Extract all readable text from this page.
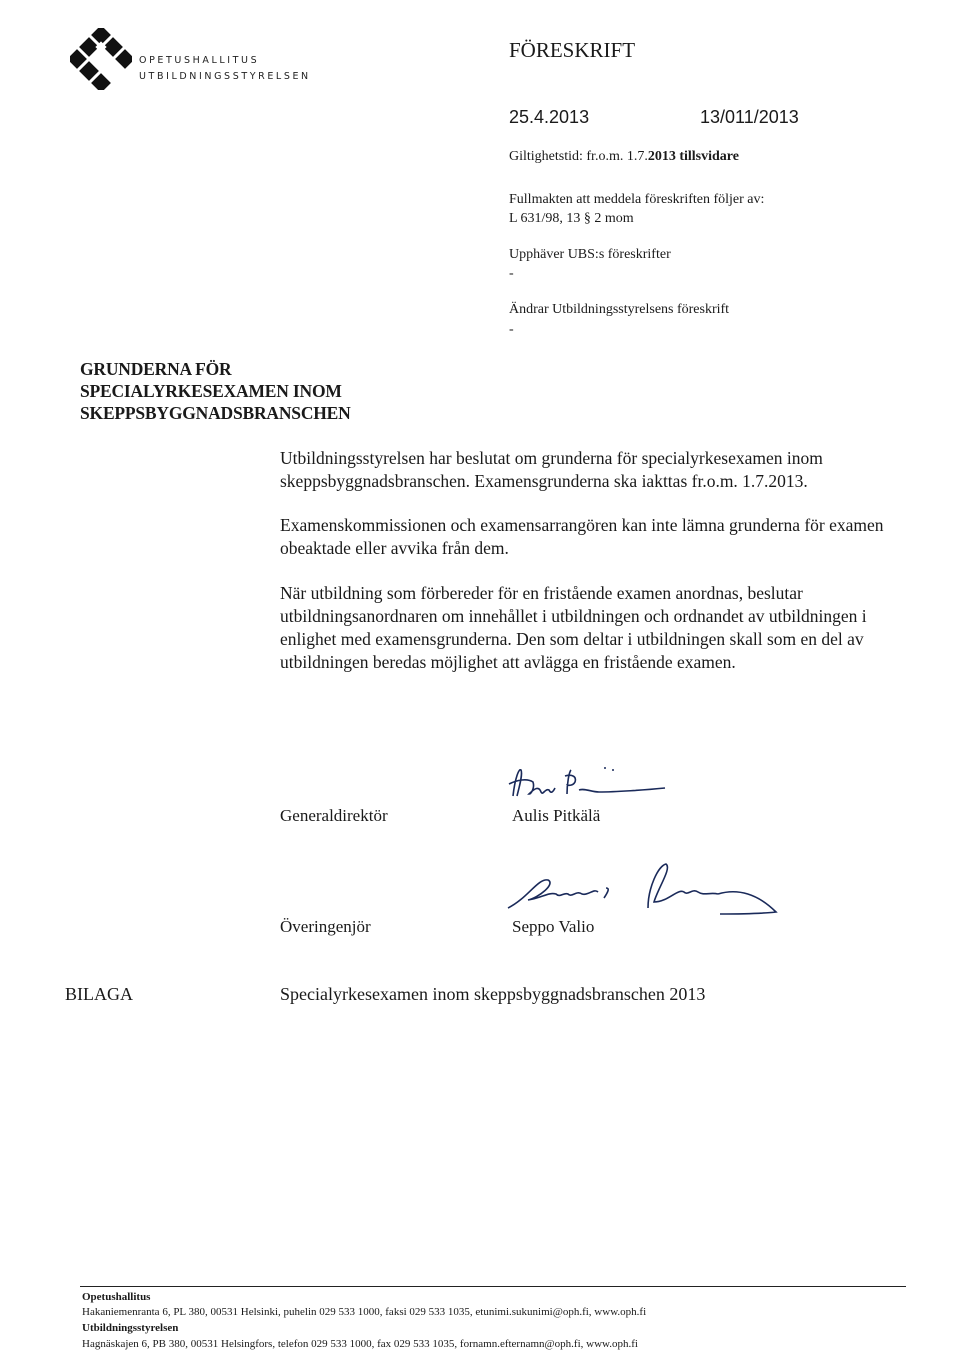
OPETUSHALLITUS
UTBILDNINGSSTYRELSEN
FÖRESKRIFT
25.4.2013	13/011/2013
Giltighetstid: fr.o.m. 1.7.2013 tillsvidare
Fullmakten att meddela föreskriften följer av:
L 631/98, 13 § 2 mom
Upphäver UBS:s föreskrifter
-
Ändrar Utbildningsstyrelsens föreskrift
-
GRUNDERNA FÖR
SPECIALYRKESEXAMEN INOM
SKEPPSBYGGNADSBRANSCHEN
Utbildningsstyrelsen har beslutat om grunderna för specialyrkesexamen inom skeppsbyggnadsbranschen. Examensgrunderna ska iakttas fr.o.m. 1.7.2013.
Examenskommissionen och examensarrangören kan inte lämna grunderna för examen obeaktade eller avvika från dem.
När utbildning som förbereder för en fristående examen anordnas, beslutar utbildningsanordnaren om innehållet i utbildningen och ordnandet av utbildningen i enlighet med examensgrunderna. Den som deltar i utbildningen skall som en del av utbildningen beredas möjlighet att avlägga en fristående examen.
Generaldirektör	Aulis Pitkälä
Överingenjör	Seppo Valio
BILAGA	Specialyrkesexamen inom skeppsbyggnadsbranschen 2013
Opetushallitus
Hakaniemenranta 6, PL 380, 00531 Helsinki, puhelin 029 533 1000, faksi 029 533 1035, etunimi.sukunimi@oph.fi, www.oph.fi
Utbildningsstyrelsen
Hagnäskajen 6, PB 380, 00531 Helsingfors, telefon 029 533 1000, fax 029 533 1035, fornamn.efternamn@oph.fi, www.oph.fi
